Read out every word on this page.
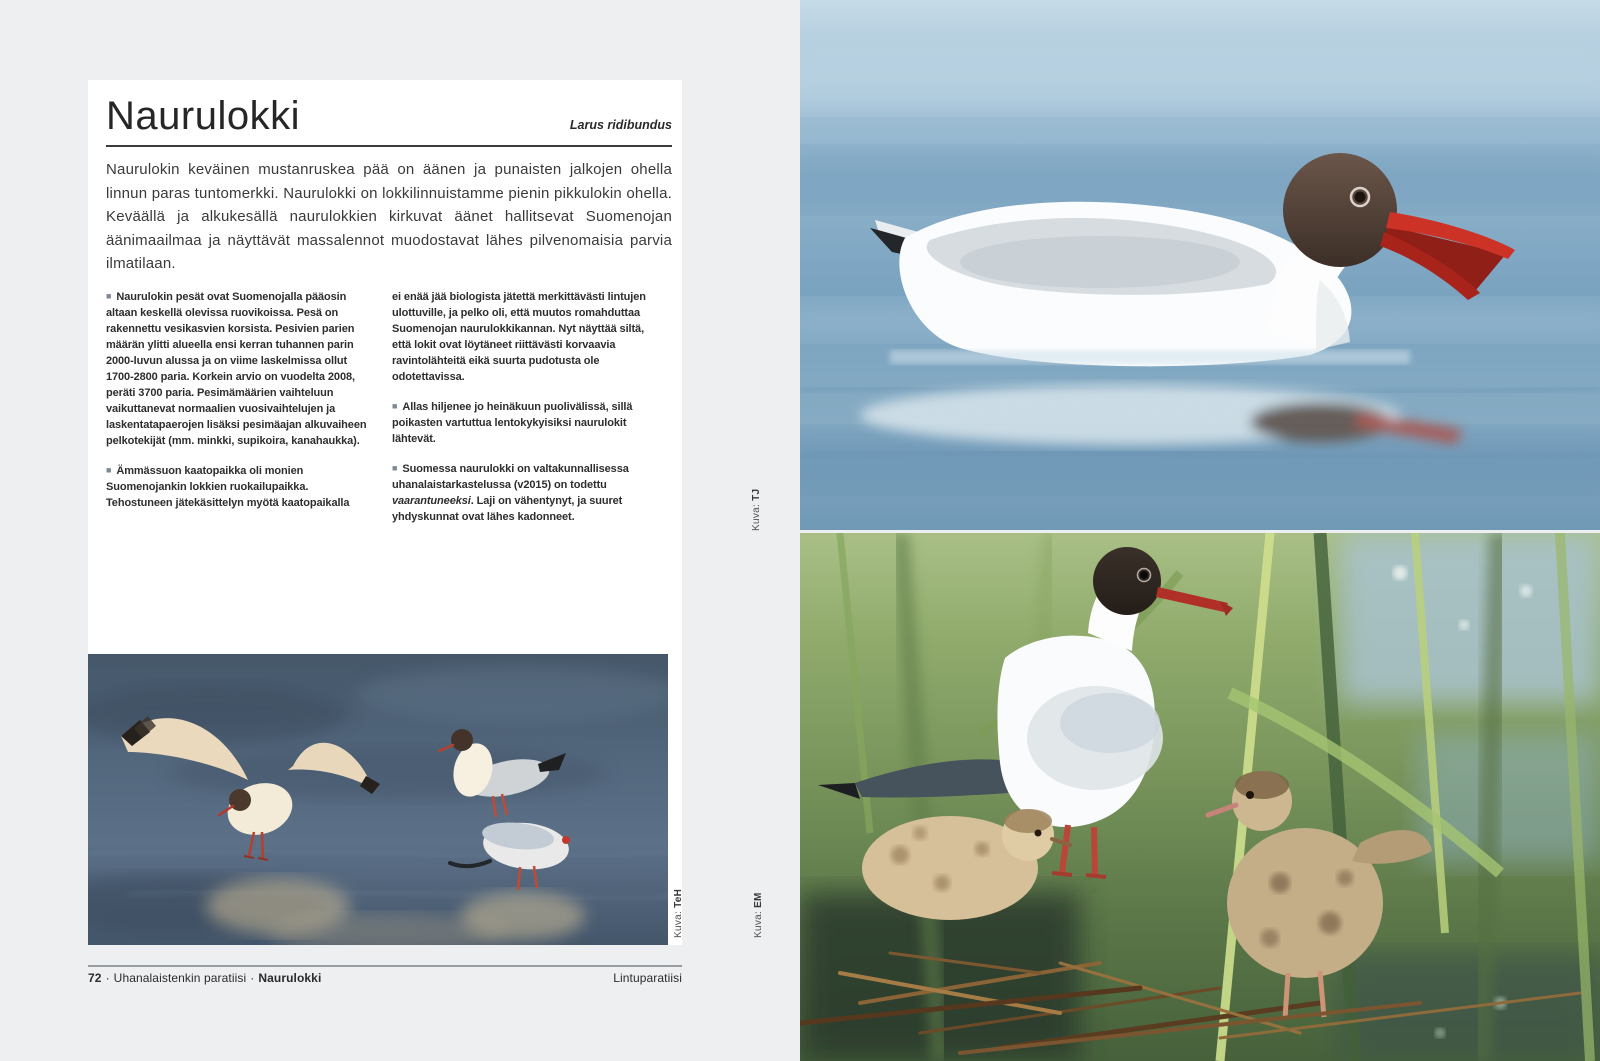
Naurulokki	Larus ridibundus

Naurulokin keväinen mustanruskea pää on äänen ja punaisten jalkojen ohella linnun paras tuntomerkki. Naurulokki on lokkilinnuistamme pienin pikkulokin ohella. Keväällä ja alkukesällä naurulokkien kirkuvat äänet hallitsevat Suomenojan äänimaailmaa ja näyttävät massalennot muodostavat lähes pilvenomaisia parvia ilmatilaan.

■ Naurulokin pesät ovat Suomenojalla pääosin altaan keskellä olevissa ruovikoissa. Pesä on rakennettu vesikasvien korsista. Pesivien parien määrän ylitti alueella ensi kerran tuhannen parin 2000-luvun alussa ja on viime laskelmissa ollut 1700-2800 paria. Korkein arvio on vuodelta 2008, peräti 3700 paria. Pesimämäärien vaihteluun vaikuttanevat normaalien vuosivaihtelujen ja laskentatapaerojen lisäksi pesimäajan alkuvaiheen pelkotekijät (mm. minkki, supikoira, kanahaukka).

■ Ämmässuon kaatopaikka oli monien Suomenojankin lokkien ruokailupaikka. Tehostuneen jätekäsittelyn myötä kaatopaikalla

ei enää jää biologista jätettä merkittävästi lintujen ulottuville, ja pelko oli, että muutos romahduttaa Suomenojan naurulokkikannan. Nyt näyttää siltä, että lokit ovat löytäneet riittävästi korvaavia ravintolähteitä eikä suurta pudotusta ole odotettavissa.

■ Allas hiljenee jo heinäkuun puolivälissä, sillä poikasten vartuttua lentokykyisiksi naurulokit lähtevät.

■ Suomessa naurulokki on valtakunnallisessa uhanalaistarkastelussa (v2015) on todettu vaarantuneeksi. Laji on vähentynyt, ja suuret yhdyskunnat ovat lähes kadonneet.	Kuva:TJ
Kuva:TeH
Kuva:EM
72 · Uhanalaistenkin paratiisi · Naurulokki	Lintuparatiisi
